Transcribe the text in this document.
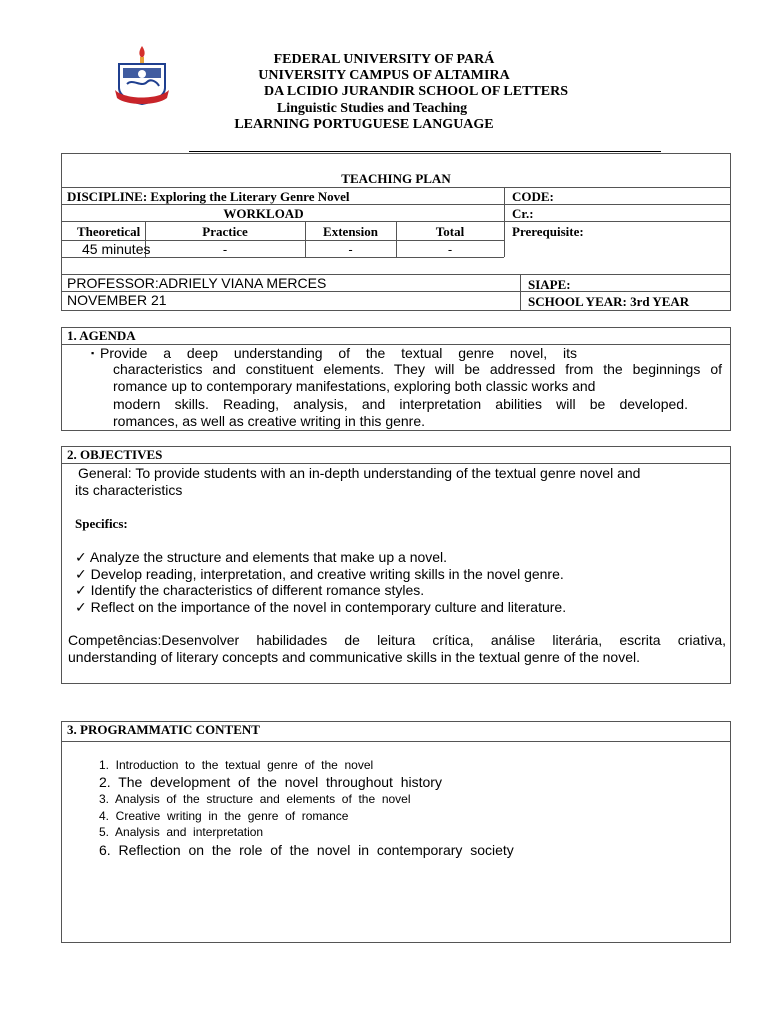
FEDERAL UNIVERSITY OF PARÁ
UNIVERSITY CAMPUS OF ALTAMIRA
DA LCIDIO JURANDIR SCHOOL OF LETTERS
Linguistic Studies and Teaching
LEARNING PORTUGUESE LANGUAGE
TEACHING PLAN
DISCIPLINE: Exploring the Literary Genre Novel	CODE:
WORKLOAD	Cr.:
Theoretical	Practice	Extension	Total	Prerequisite:
45 minutes	-	-	-
PROFESSOR:ADRIELY VIANA MERCES	SIAPE:
NOVEMBER 21	SCHOOL YEAR: 3rd YEAR
1. AGENDA
▪ Provide a deep understanding of the textual genre novel, its
characteristics and constituent elements. They will be addressed from the beginnings of
romance up to contemporary manifestations, exploring both classic works and
modern skills. Reading, analysis, and interpretation abilities will be developed.
romances, as well as creative writing in this genre.
2. OBJECTIVES
General: To provide students with an in-depth understanding of the textual genre novel and
its characteristics
Specifics:
✓ Analyze the structure and elements that make up a novel.
✓ Develop reading, interpretation, and creative writing skills in the novel genre.
✓ Identify the characteristics of different romance styles.
✓ Reflect on the importance of the novel in contemporary culture and literature.
Competências:Desenvolver habilidades de leitura crítica, análise literária, escrita criativa,
understanding of literary concepts and communicative skills in the textual genre of the novel.
3. PROGRAMMATIC CONTENT
1.  Introduction  to  the  textual  genre  of  the  novel
2.  The  development  of  the  novel  throughout  history
3.  Analysis  of  the  structure  and  elements  of  the  novel
4.  Creative  writing  in  the  genre  of  romance
5.  Analysis  and  interpretation
6.  Reflection  on  the  role  of  the  novel  in  contemporary  society
